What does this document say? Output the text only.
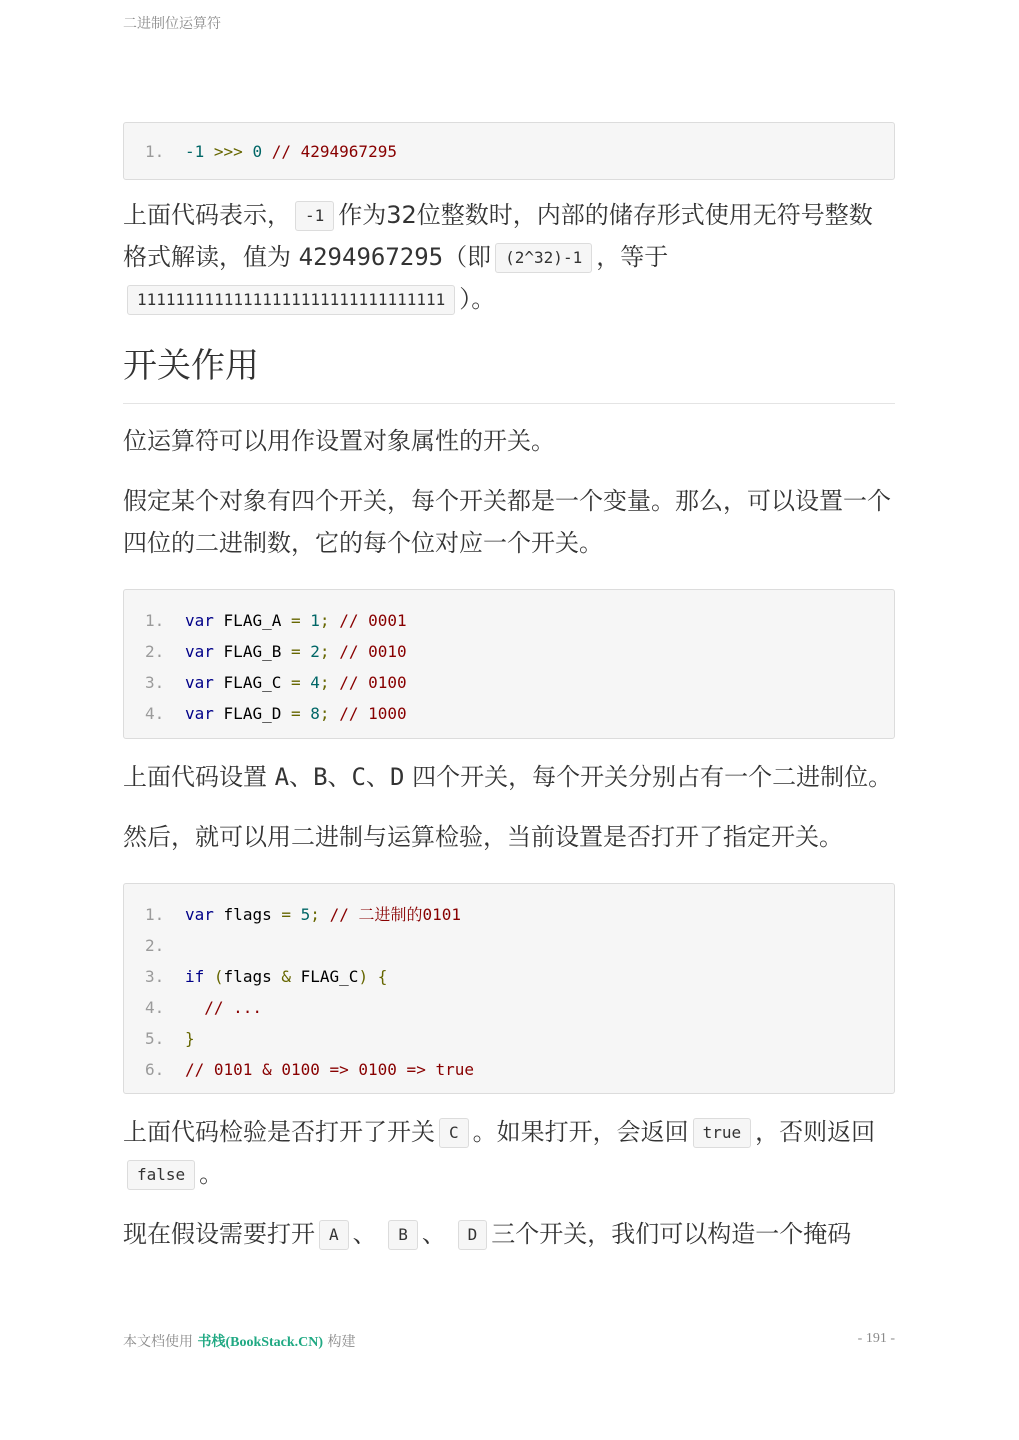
二进制位运算符
1. -1 >>> 0 // 4294967295

上面代码表示， -1 作为32位整数时，内部的储存形式使用无符号整数格式解读，值为 4294967295（即 (2^32)-1 ，等于11111111111111111111111111111111 ）。

开关作用

位运算符可以用作设置对象属性的开关。

假定某个对象有四个开关，每个开关都是一个变量。那么，可以设置一个四位的二进制数，它的每个位对应一个开关。

1. var FLAG_A = 1; // 0001
2. var FLAG_B = 2; // 0010
3. var FLAG_C = 4; // 0100
4. var FLAG_D = 8; // 1000

上面代码设置 A、B、C、D 四个开关，每个开关分别占有一个二进制位。

然后，就可以用二进制与运算检验，当前设置是否打开了指定开关。

1. var flags = 5; // 二进制的0101
2.
3. if (flags & FLAG_C) {
4.	// ...
5. }
6. // 0101 & 0100 => 0100 => true

上面代码检验是否打开了开关 C 。如果打开，会返回 true ，否则返回false 。

现在假设需要打开 A 、 B 、 D 三个开关，我们可以构造一个掩码

本文档使用 书栈(BookStack.CN) 构建	- 191 -
